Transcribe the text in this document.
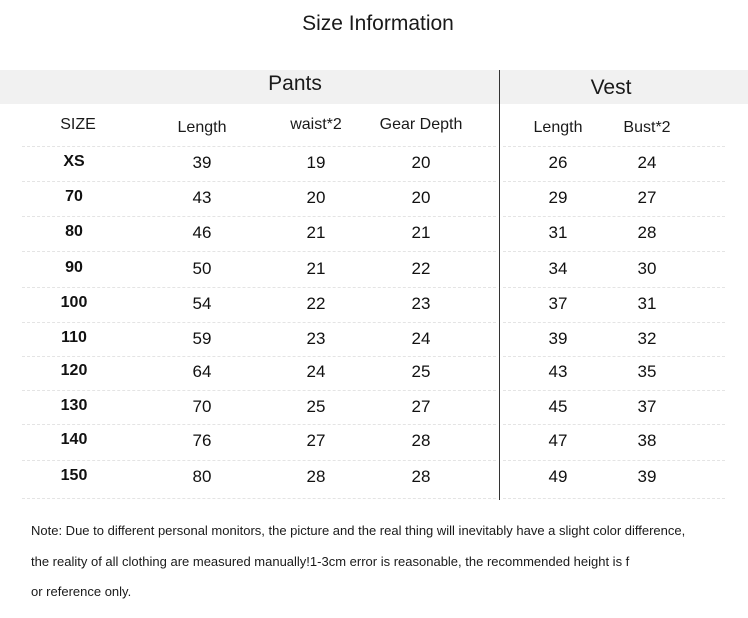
Size Information
Pants	Vest
SIZE	Length	waist*2	Gear Depth	Length	Bust*2
XS	39	19	20	26	24
70	43	20	20	29	27
80	46	21	21	31	28
90	50	21	22	34	30
100	54	22	23	37	31
110	59	23	24	39	32
120	64	24	25	43	35
130	70	25	27	45	37
140	76	27	28	47	38
150	80	28	28	49	39
Note: Due to different personal monitors, the picture and the real thing will inevitably have a slight color difference,
the reality of all clothing are measured manually!1-3cm error is reasonable, the recommended height is f
or reference only.
